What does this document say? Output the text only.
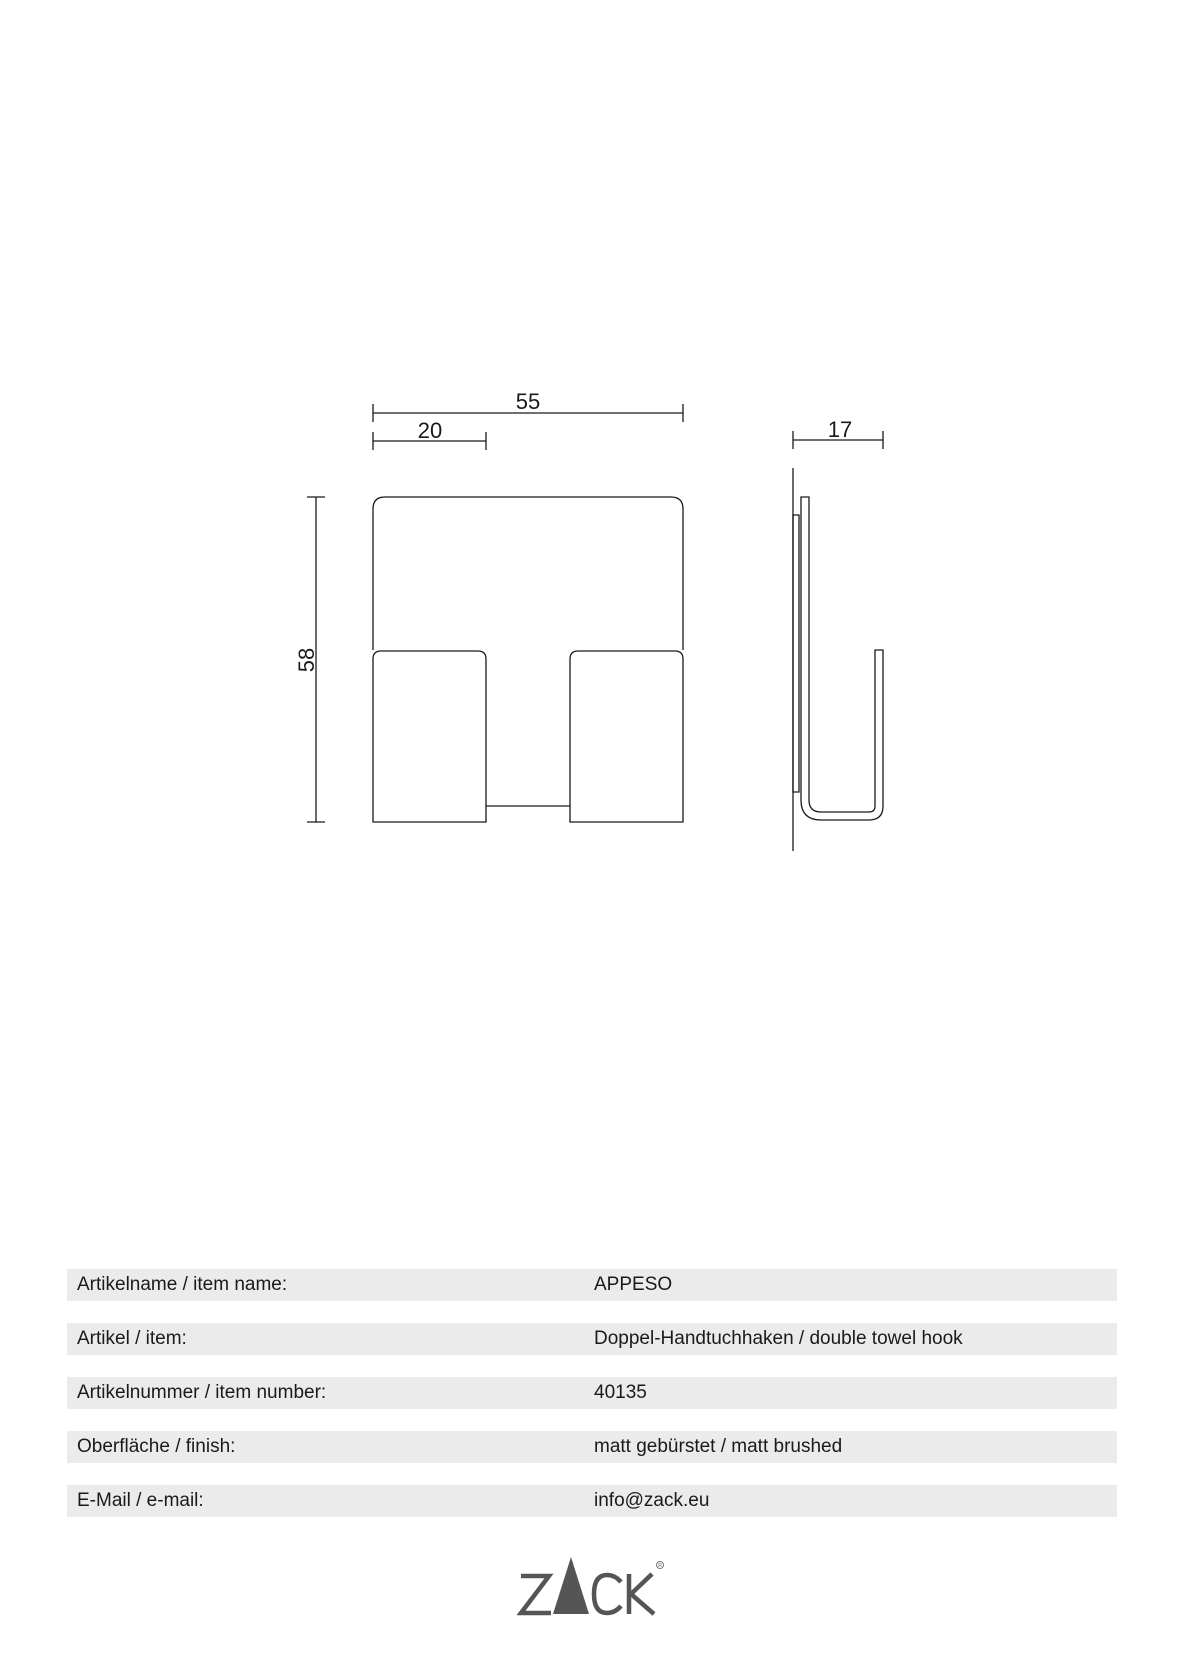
55
20
58
17
Artikelname / item name:	APPESO
Artikel / item:	Doppel-Handtuchhaken / double towel hook
Artikelnummer / item number:	40135
Oberfläche / finish:	matt gebürstet / matt brushed
E-Mail / e-mail:	info@zack.eu
R
